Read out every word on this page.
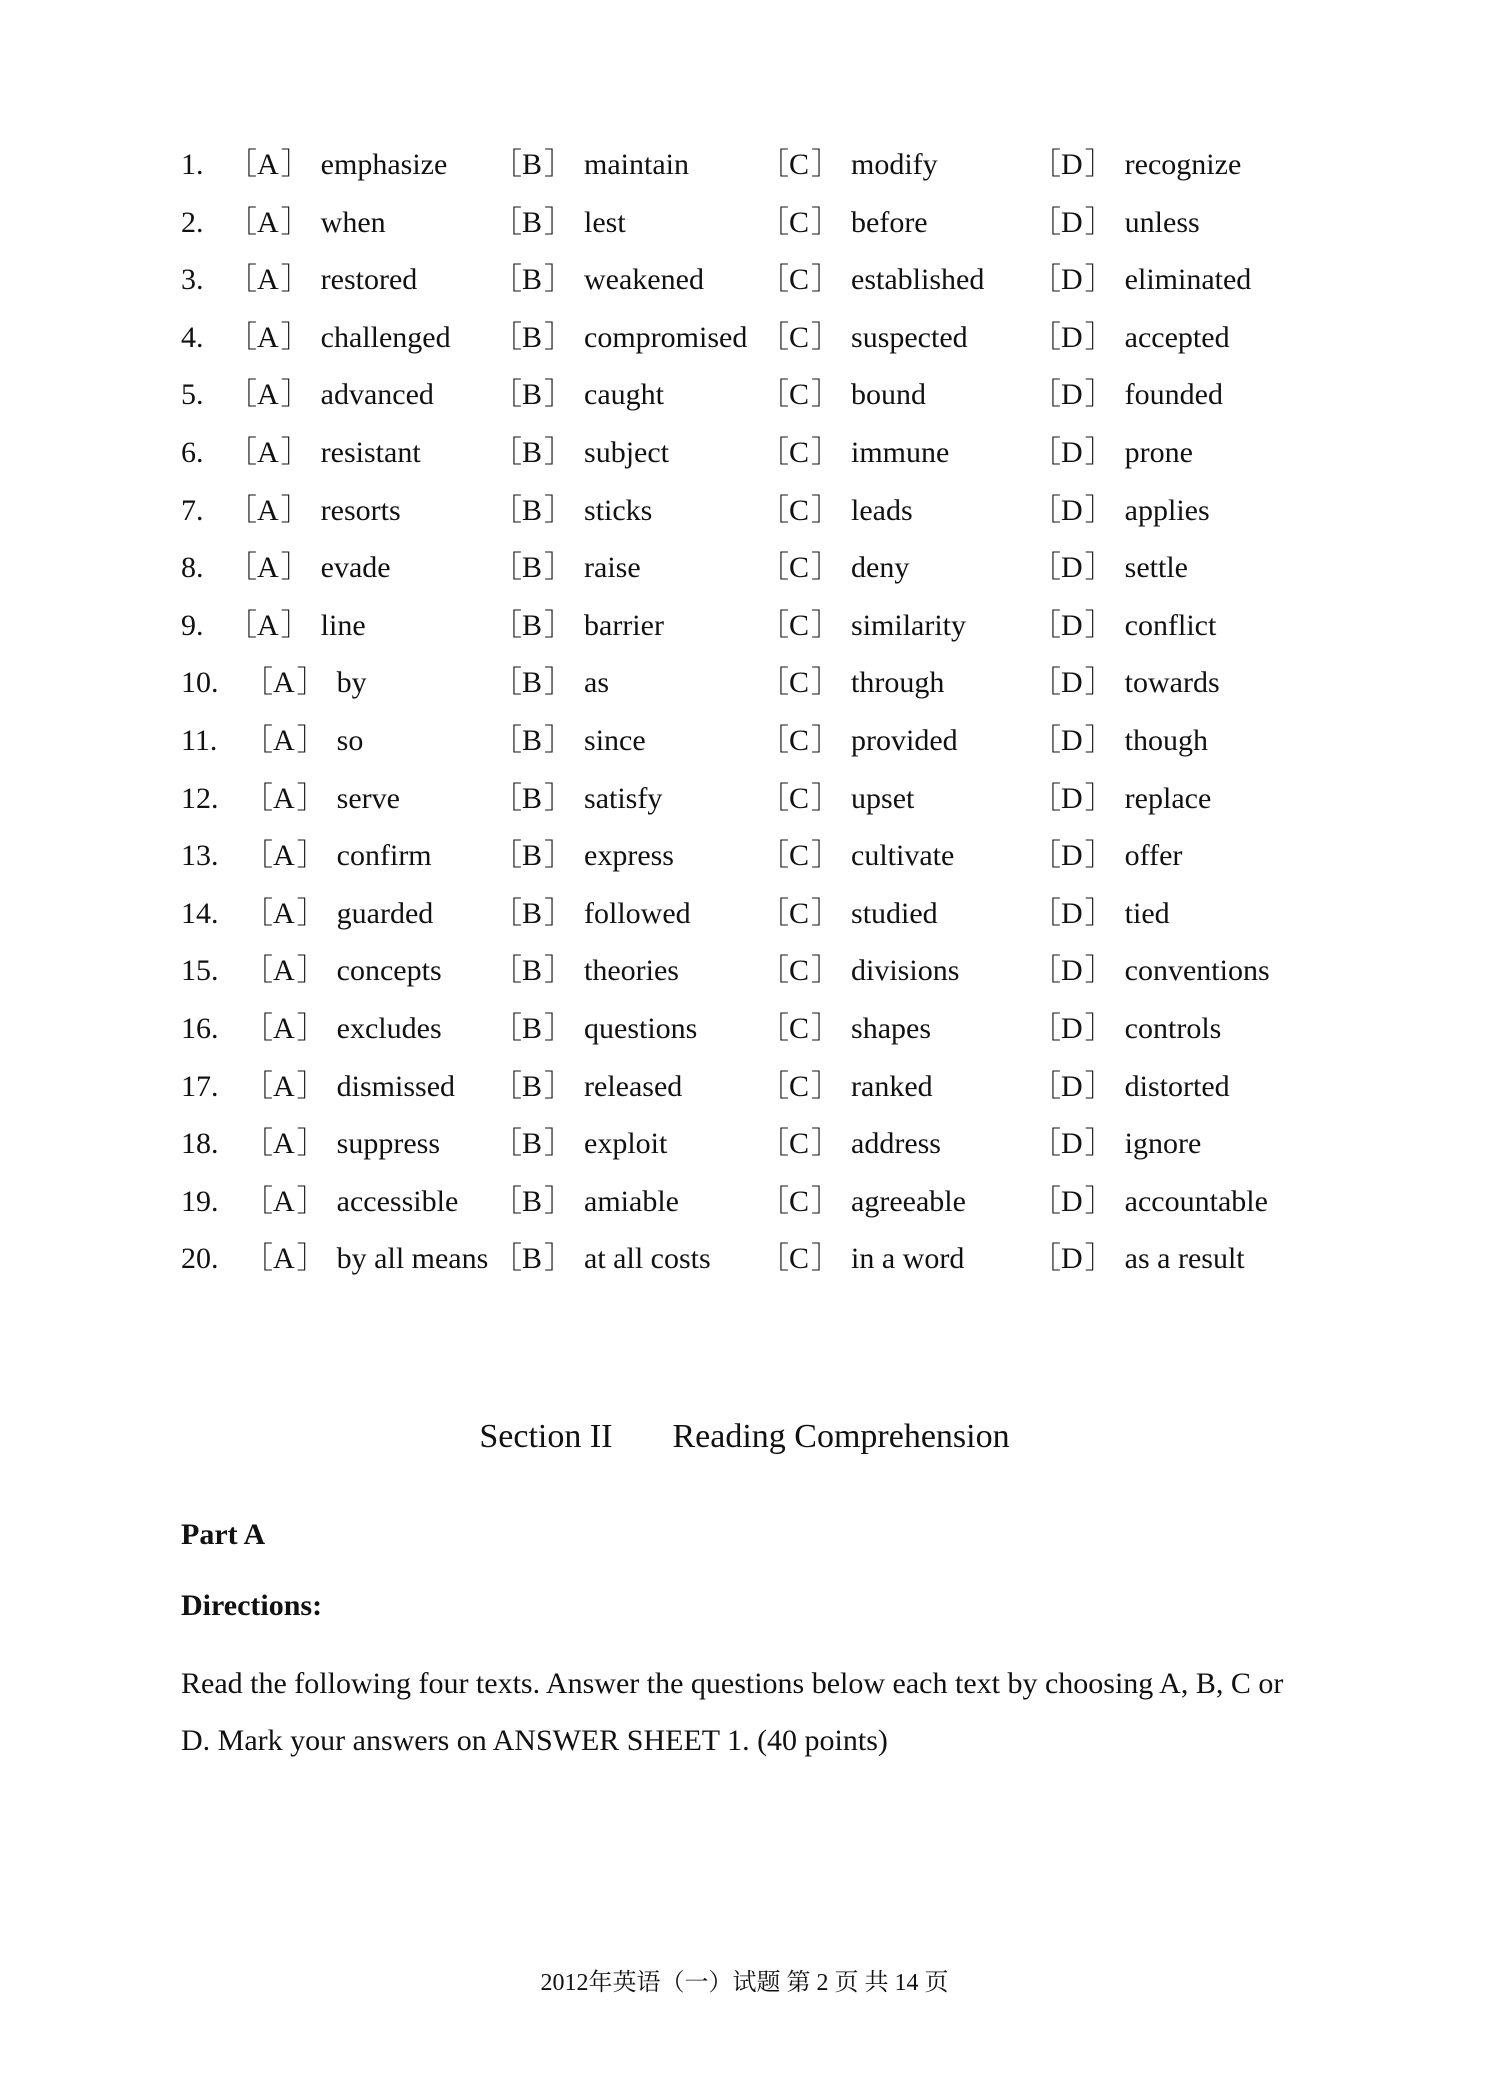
1. ［A］ emphasize ［B］ maintain ［C］ modify	［D］ recognize
2. ［A］ when	［B］ lest	［C］ before	［D］ unless
3. ［A］ restored ［B］ weakened ［C］ established ［D］ eliminated
4. ［A］ challenged ［B］ compromised ［C］ suspected ［D］ accepted
5. ［A］ advanced ［B］ caught	［C］ bound	［D］ founded
6. ［A］ resistant ［B］ subject	［C］ immune	［D］ prone
7. ［A］ resorts	［B］ sticks	［C］ leads	［D］ applies
8. ［A］ evade	［B］ raise	［C］ deny	［D］ settle
9. ［A］ line	［B］ barrier	［C］ similarity ［D］ conflict
10. ［A］ by	［B］ as	［C］ through	［D］ towards
11. ［A］ so	［B］ since	［C］ provided ［D］ though
12. ［A］ serve	［B］ satisfy	［C］ upset	［D］ replace
13. ［A］ confirm ［B］ express	［C］ cultivate	［D］ offer
14. ［A］ guarded ［B］ followed ［C］ studied	［D］ tied
15. ［A］ concepts ［B］ theories	［C］ divisions ［D］ conventions
16. ［A］ excludes ［B］ questions ［C］ shapes	［D］ controls
17. ［A］ dismissed ［B］ released	［C］ ranked	［D］ distorted
18. ［A］ suppress ［B］ exploit	［C］ address	［D］ ignore
19. ［A］ accessible ［B］ amiable	［C］ agreeable ［D］ accountable
20. ［A］ by all means ［B］ at all costs ［C］ in a word ［D］ as a result
Section II Reading Comprehension
Part A
Directions:
Read the following four texts. Answer the questions below each text by choosing A, B, C or D. Mark your answers on ANSWER SHEET 1. (40 points)
2012年英语（一）试题 第 2 页 共 14 页
